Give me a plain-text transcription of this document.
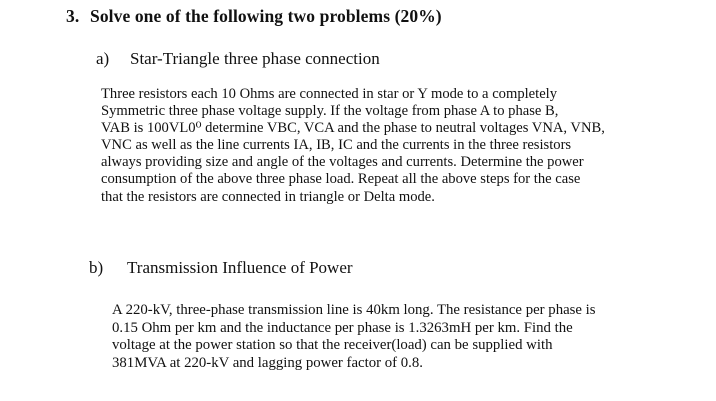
3. Solve one of the following two problems (20%)
a) Star-Triangle three phase connection
Three resistors each 10 Ohms are connected in star or Y mode to a completely
Symmetric three phase voltage supply. If the voltage from phase A to phase B,
VAB is 100VL0⁰ determine VBC, VCA and the phase to neutral voltages VNA, VNB,
VNC as well as the line currents IA, IB, IC and the currents in the three resistors
always providing size and angle of the voltages and currents. Determine the power
consumption of the above three phase load. Repeat all the above steps for the case
that the resistors are connected in triangle or Delta mode.
b) Transmission Influence of Power
A 220-kV, three-phase transmission line is 40km long. The resistance per phase is
0.15 Ohm per km and the inductance per phase is 1.3263mH per km. Find the
voltage at the power station so that the receiver(load) can be supplied with
381MVA at 220-kV and lagging power factor of 0.8.
